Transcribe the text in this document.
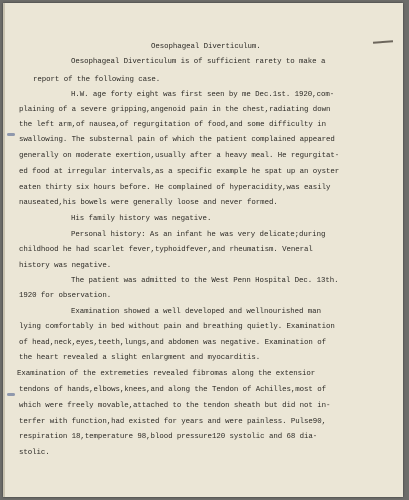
Oesophageal Diverticulum.
Oesophageal Diverticulum is of sufficient rarety to make a
report of the following case.
H.W. age forty eight was first seen by me Dec.1st. 1920,com-
plaining of a severe gripping,angenoid pain in the chest,radiating down
the left arm,of nausea,of regurgitation of food,and some difficulty in
swallowing. The substernal pain of which the patient complained appeared
generally on moderate exertion,usually after a heavy meal. He regurgitat-
ed food at irregular intervals,as a specific example he spat up an oyster
eaten thirty six hours before. He complained of hyperacidity,was easily
nauseated,his bowels were generally loose and never formed.
His family history was negative.
Personal history: As an infant he was very delicate;during
childhood he had scarlet fever,typhoidfever,and rheumatism. Veneral
history was negative.
The patient was admitted to the West Penn Hospital Dec. 13th.
1920 for observation.
Examination showed a well developed and wellnourished man
lying comfortably in bed without pain and breathing quietly. Examination
of head,neck,eyes,teeth,lungs,and abdomen was negative. Examination of
the heart revealed a slight enlargment and myocarditis.
Examination of the extremeties revealed fibromas along the extensior
tendons of hands,elbows,knees,and along the Tendon of Achilles,most of
which were freely movable,attached to the tendon sheath but did not in-
terfer with function,had existed for years and were painless. Pulse90,
respiration 18,temperature 98,blood pressure120 systolic and 68 dia-
stolic.
